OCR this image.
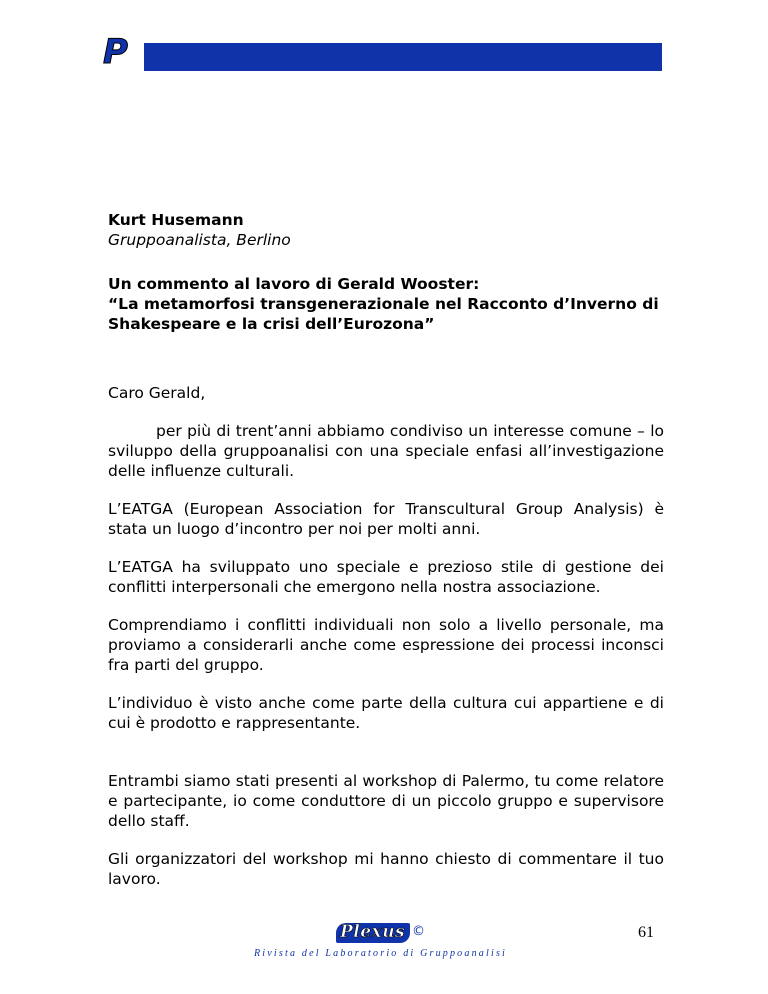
P

Kurt Husemann

Gruppoanalista, Berlino

Un commento al lavoro di Gerald Wooster:
“La metamorfosi transgenerazionale nel Racconto d’Inverno di Shakespeare e la crisi dell’Eurozona”

Caro Gerald,

per più di trent’anni abbiamo condiviso un interesse comune – lo sviluppo della gruppoanalisi con una speciale enfasi all’investigazione delle influenze culturali.

L’EATGA (European Association for Transcultural Group Analysis) è stata un luogo d’incontro per noi per molti anni.

L’EATGA ha sviluppato uno speciale e prezioso stile di gestione dei conflitti interpersonali che emergono nella nostra associazione.

Comprendiamo i conflitti individuali non solo a livello personale, ma proviamo a considerarli anche come espressione dei processi inconsci fra parti del gruppo.

L’individuo è visto anche come parte della cultura cui appartiene e di cui è prodotto e rappresentante.

Entrambi siamo stati presenti al workshop di Palermo, tu come relatore e partecipante, io come conduttore di un piccolo gruppo e supervisore dello staff.

Gli organizzatori del workshop mi hanno chiesto di commentare il tuo lavoro.

Plexus ©
Rivista del Laboratorio di Gruppoanalisi
61
